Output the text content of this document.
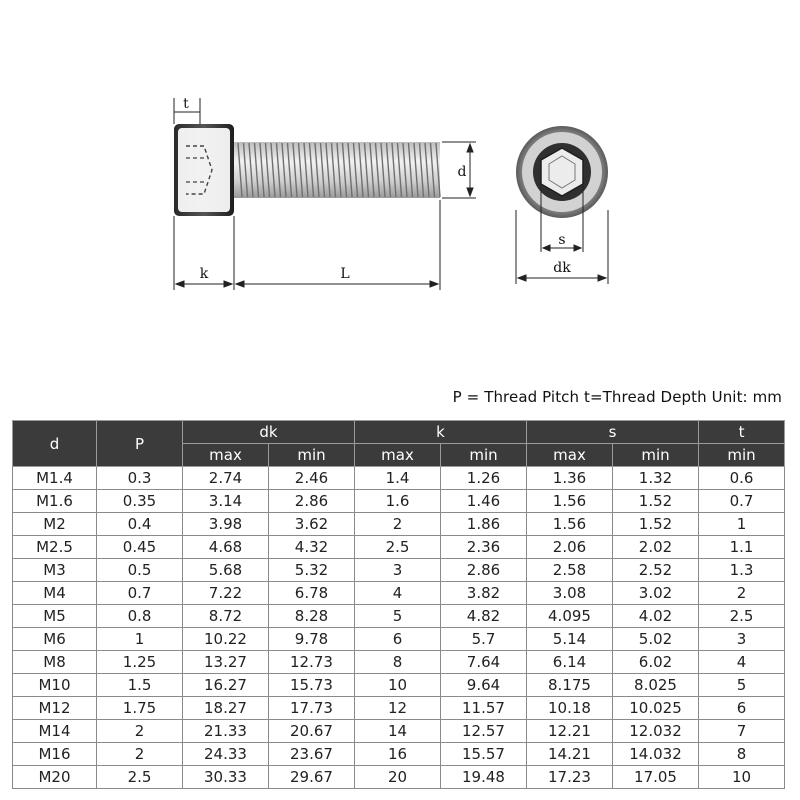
t
d
k	L
s
dk
P = Thread Pitch t=Thread Depth Unit: mm
d	P	dk		k		s		t
		max	min	max	min	max	min	min
M1.4	0.3	2.74	2.46	1.4	1.26	1.36	1.32	0.6
M1.6	0.35	3.14	2.86	1.6	1.46	1.56	1.52	0.7
M2	0.4	3.98	3.62	2	1.86	1.56	1.52	1
M2.5	0.45	4.68	4.32	2.5	2.36	2.06	2.02	1.1
M3	0.5	5.68	5.32	3	2.86	2.58	2.52	1.3
M4	0.7	7.22	6.78	4	3.82	3.08	3.02	2
M5	0.8	8.72	8.28	5	4.82	4.095	4.02	2.5
M6	1	10.22	9.78	6	5.7	5.14	5.02	3
M8	1.25	13.27	12.73	8	7.64	6.14	6.02	4
M10	1.5	16.27	15.73	10	9.64	8.175	8.025	5
M12	1.75	18.27	17.73	12	11.57	10.18	10.025	6
M14	2	21.33	20.67	14	12.57	12.21	12.032	7
M16	2	24.33	23.67	16	15.57	14.21	14.032	8
M20	2.5	30.33	29.67	20	19.48	17.23	17.05	10
